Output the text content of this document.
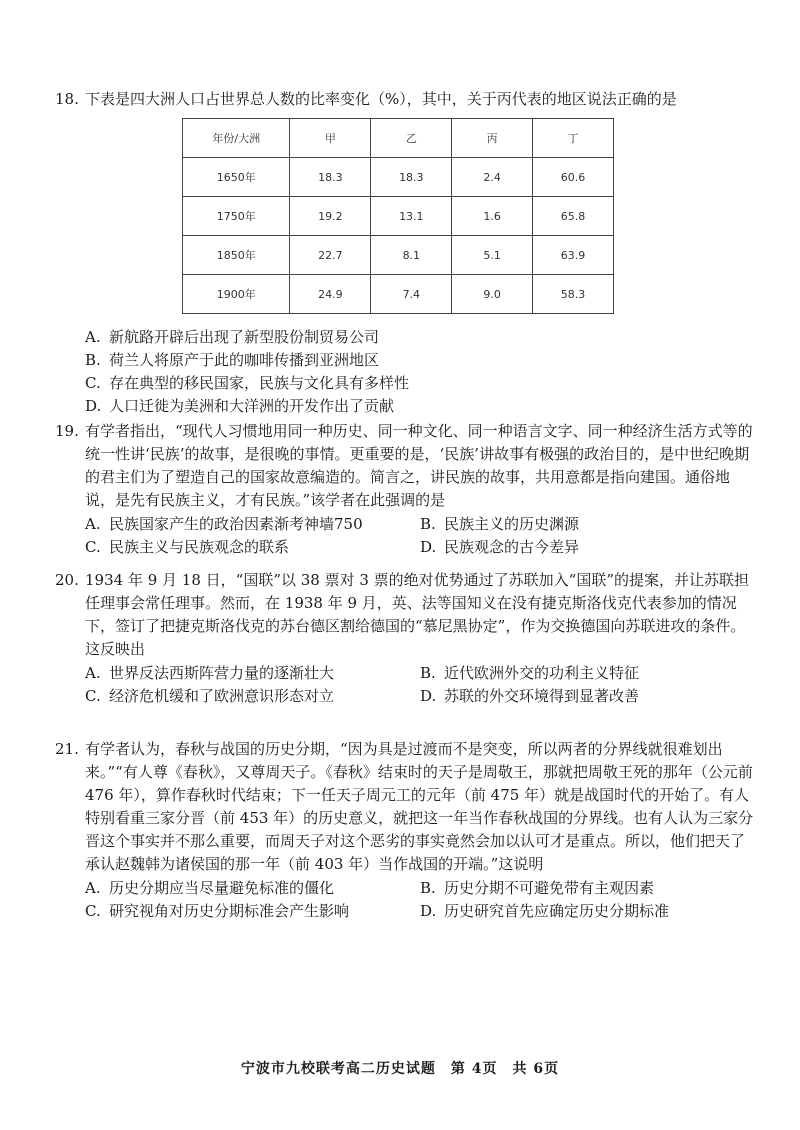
18. 下表是四大洲人口占世界总人数的比率变化（%），其中，关于丙代表的地区说法正确的是

年份/大洲	甲	乙	丙	丁
1650年	18.3	18.3	2.4	60.6
1750年	19.2	13.1	1.6	65.8
1850年	22.7	8.1	5.1	63.9
1900年	24.9	7.4	9.0	58.3
A. 新航路开辟后出现了新型股份制贸易公司
B. 荷兰人将原产于此的咖啡传播到亚洲地区
C. 存在典型的移民国家，民族与文化具有多样性
D. 人口迁徙为美洲和大洋洲的开发作出了贡献

19. 有学者指出，“现代人习惯地用同一种历史、同一种文化、同一种语言文字、同一种经济生活方式等的统一性讲‘民族’的故事，是很晚的事情。更重要的是，‘民族’讲故事有极强的政治目的，是中世纪晚期的君主们为了塑造自己的国家故意编造的。简言之，讲民族的故事，共用意都是指向建国。通俗地说，是先有民族主义，才有民族。”该学者在此强调的是

A. 民族国家产生的政治因素渐考神墙750	B. 民族主义的历史渊源
C. 民族主义与民族观念的联系	D. 民族观念的古今差异

20. 1934 年 9 月 18 日，“国联”以 38 票对 3 票的绝对优势通过了苏联加入“国联”的提案，并让苏联担任理事会常任理事。然而，在 1938 年 9 月，英、法等国知义在没有捷克斯洛伐克代表参加的情况下，签订了把捷克斯洛伐克的苏台德区割给德国的“慕尼黑协定”，作为交换德国向苏联进攻的条件。这反映出

A. 世界反法西斯阵营力量的逐渐壮大	B. 近代欧洲外交的功利主义特征
C. 经济危机缓和了欧洲意识形态对立	D. 苏联的外交环境得到显著改善

21. 有学者认为，春秋与战国的历史分期，“因为具是过渡而不是突变，所以两者的分界线就很难划出来。”“有人尊《春秋》，又尊周天子。《春秋》结束时的天子是周敬王，那就把周敬王死的那年（公元前 476 年），算作春秋时代结束；下一任天子周元工的元年（前 475 年）就是战国时代的开始了。有人特别看重三家分晋（前 453 年）的历史意义，就把这一年当作春秋战国的分界线。也有人认为三家分晋这个事实并不那么重要，而周天子对这个恶劣的事实竟然会加以认可才是重点。所以，他们把天了承认赵魏韩为诸侯国的那一年（前 403 年）当作战国的开端。”这说明

A. 历史分期应当尽量避免标准的僵化	B. 历史分期不可避免带有主观因素
C. 研究视角对历史分期标准会产生影响	D. 历史研究首先应确定历史分期标准
宁波市九校联考高二历史试题　第 4页　共 6页
